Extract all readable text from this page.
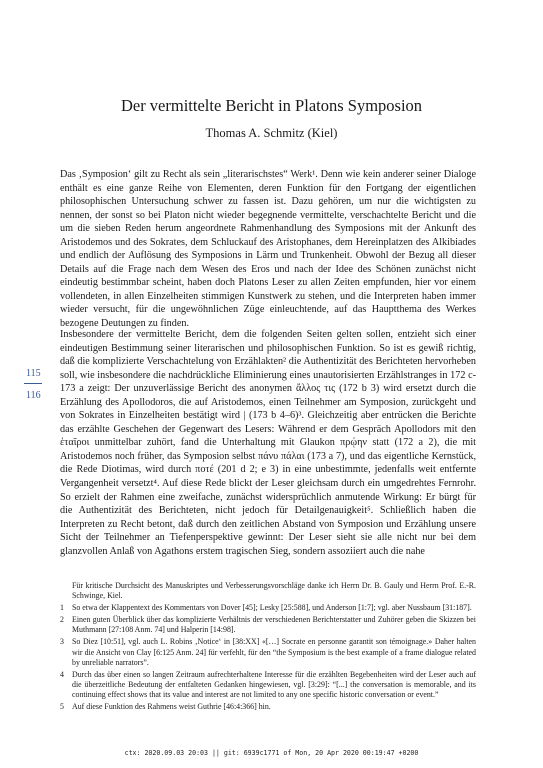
Der vermittelte Bericht in Platons Symposion
Thomas A. Schmitz (Kiel)

Das ‚Symposion‘ gilt zu Recht als sein „literarischstes“ Werk¹. Denn wie kein anderer seiner Dialoge enthält es eine ganze Reihe von Elementen, deren Funktion für den Fortgang der eigentlichen philosophischen Untersuchung schwer zu fassen ist. Dazu gehören, um nur die wichtigsten zu nennen, der sonst so bei Platon nicht wieder begegnende vermittelte, verschachtelte Bericht und die um die sieben Reden herum angeordnete Rahmenhandlung des Symposions mit der Ankunft des Aristodemos und des Sokrates, dem Schluckauf des Aristophanes, dem Hereinplatzen des Alkibiades und endlich der Auflösung des Symposions in Lärm und Trunkenheit. Obwohl der Bezug all dieser Details auf die Frage nach dem Wesen des Eros und nach der Idee des Schönen zunächst nicht eindeutig bestimmbar scheint, haben doch Platons Leser zu allen Zeiten empfunden, hier vor einem vollendeten, in allen Einzelheiten stimmigen Kunstwerk zu stehen, und die Interpreten haben immer wieder versucht, für die ungewöhnlichen Züge einleuchtende, auf das Hauptthema des Werkes bezogene Deutungen zu finden.

Insbesondere der vermittelte Bericht, dem die folgenden Seiten gelten sollen, entzieht sich einer eindeutigen Bestimmung seiner literarischen und philosophischen Funktion. So ist es gewiß richtig, daß die komplizierte Verschachtelung von Erzählakten² die Authentizität des Berichteten hervorheben soll, wie insbesondere die nachdrückliche Eliminierung eines unautorisierten Erzählstranges in 172 c-173 a zeigt: Der unzuverlässige Bericht des anonymen ἄλλος τις (172 b 3) wird ersetzt durch die Erzählung des Apollodoros, die auf Aristodemos, einen Teilnehmer am Symposion, zurückgeht und von Sokrates in Einzelheiten bestätigt wird | (173 b 4–6)³. Gleichzeitig aber entrücken die Berichte das erzählte Geschehen der Gegenwart des Lesers: Während er dem Gespräch Apollodors mit den ἑταῖροι unmittelbar zuhört, fand die Unterhaltung mit Glaukon πρῴην statt (172 a 2), die mit Aristodemos noch früher, das Symposion selbst πάνυ πάλαι (173 a 7), und das eigentliche Kernstück, die Rede Diotimas, wird durch ποτέ (201 d 2; e 3) in eine unbestimmte, jedenfalls weit entfernte Vergangenheit versetzt⁴. Auf diese Rede blickt der Leser gleichsam durch ein umgedrehtes Fernrohr. So erzielt der Rahmen eine zweifache, zunächst widersprüchlich anmutende Wirkung: Er bürgt für die Authentizität des Berichteten, nicht jedoch für Detailgenauigkeit⁵. Schließlich haben die Interpreten zu Recht betont, daß durch den zeitlichen Abstand von Symposion und Erzählung unsere Sicht der Teilnehmer an Tiefenperspektive gewinnt: Der Leser sieht sie alle nicht nur bei dem glanzvollen Anlaß von Agathons erstem tragischen Sieg, sondern assoziiert auch die nahe

115
116
Für kritische Durchsicht des Manuskriptes und Verbesserungsvorschläge danke ich Herrn Dr. B. Gauly und Herrn Prof. E.-R. Schwinge, Kiel.
1 So etwa der Klappentext des Kommentars von Dover [45]; Lesky [25:588], und Anderson [1:7]; vgl. aber Nussbaum [31:187].
2 Einen guten Überblick über das komplizierte Verhältnis der verschiedenen Berichterstatter und Zuhörer geben die Skizzen bei Muthmann [27:108 Anm. 74] und Halperin [14:98].
3 So Diez [10:51], vgl. auch L. Robins ‚Notice‘ in [38:XX] «[…] Socrate en personne garantit son témoignage.» Daher halten wir die Ansicht von Clay [6:125 Anm. 24] für verfehlt, für den “the Symposium is the best example of a frame dialogue related by unreliable narrators”.
4 Durch das über einen so langen Zeitraum aufrechterhaltene Interesse für die erzählten Begebenheiten wird der Leser auch auf die überzeitliche Bedeutung der entfalteten Gedanken hingewiesen, vgl. [3:29]: “[...] the conversation is memorable, and its continuing effect shows that its value and interest are not limited to any one specific historic conversation or event.”
5 Auf diese Funktion des Rahmens weist Guthrie [46:4:366] hin.
ctx: 2020.09.03 20:03 || git: 6939c1771 of Mon, 20 Apr 2020 00:19:47 +0200
